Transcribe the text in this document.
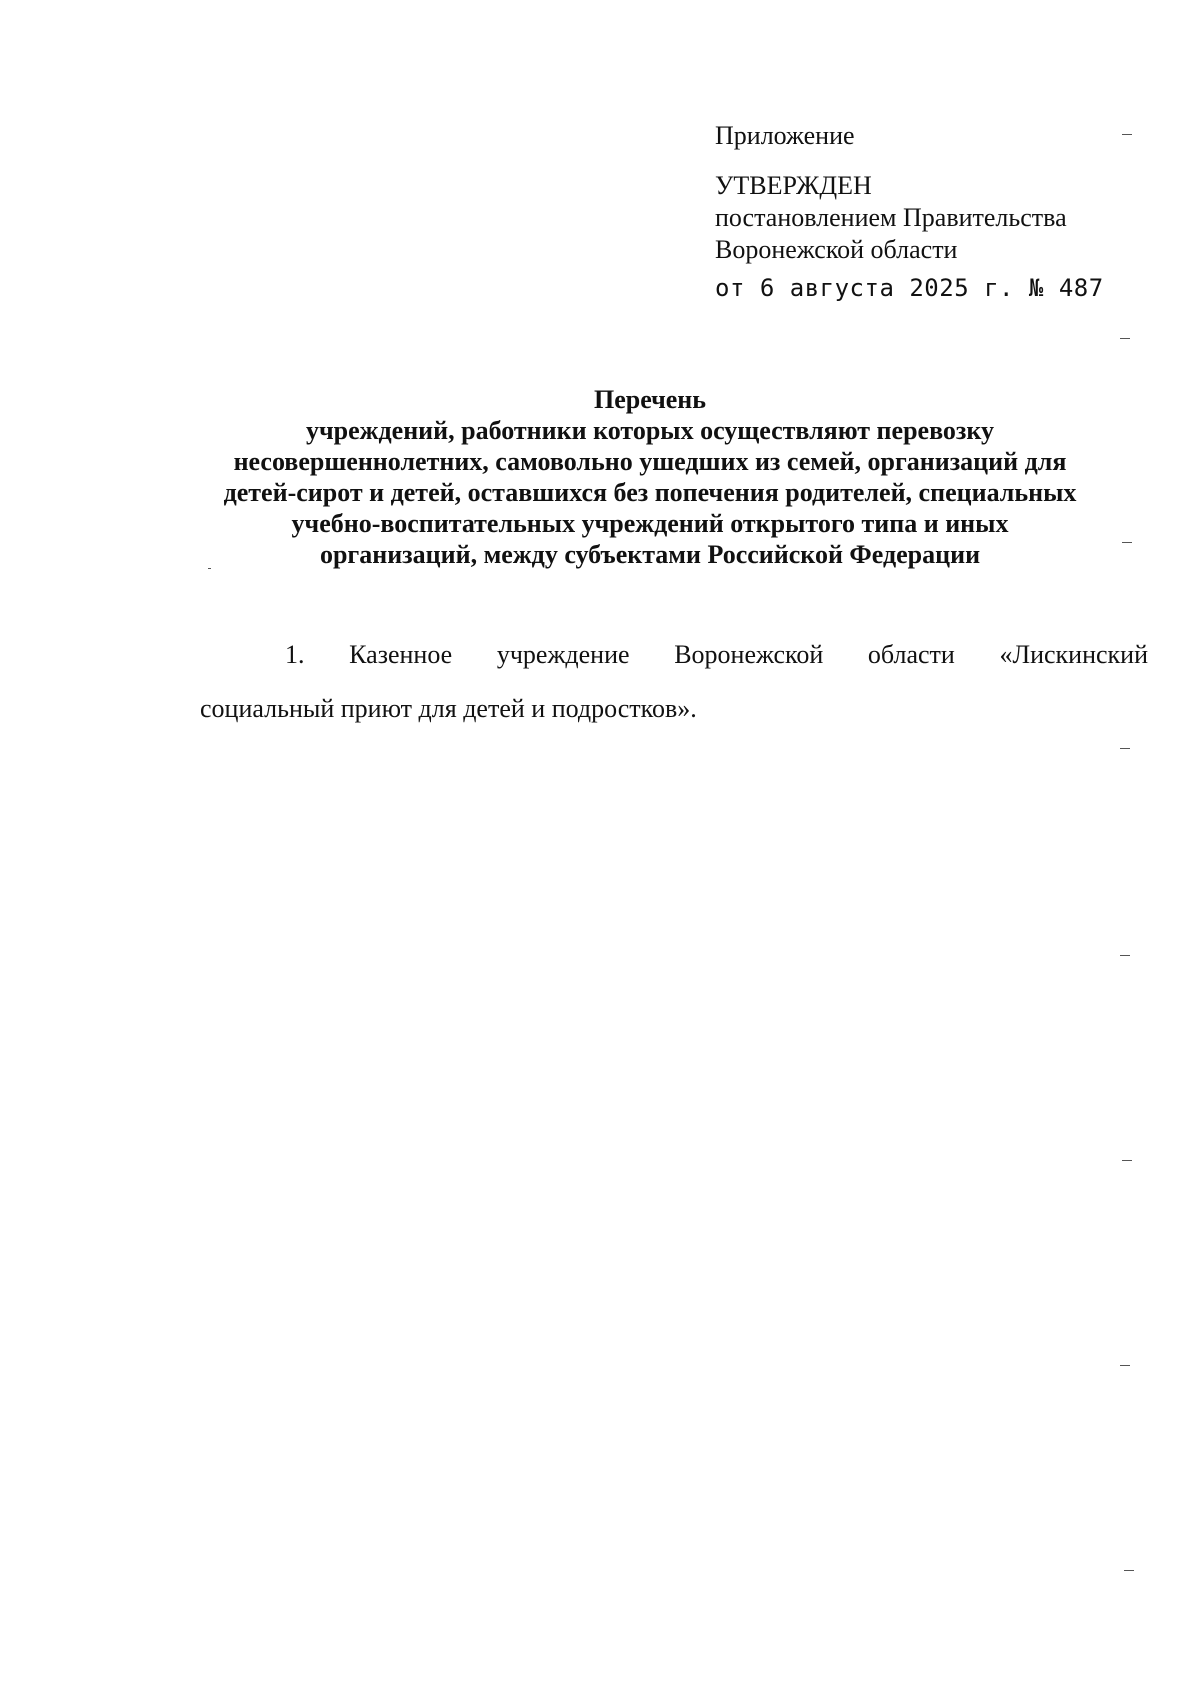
Приложение
УТВЕРЖДЕН
постановлением Правительства
Воронежской области
от 6 августа 2025 г. № 487
Перечень
учреждений, работники которых осуществляют перевозку
несовершеннолетних, самовольно ушедших из семей, организаций для
детей-сирот и детей, оставшихся без попечения родителей, специальных
учебно-воспитательных учреждений открытого типа и иных
организаций, между субъектами Российской Федерации
1. Казенное учреждение Воронежской области «Лискинский
социальный приют для детей и подростков».
